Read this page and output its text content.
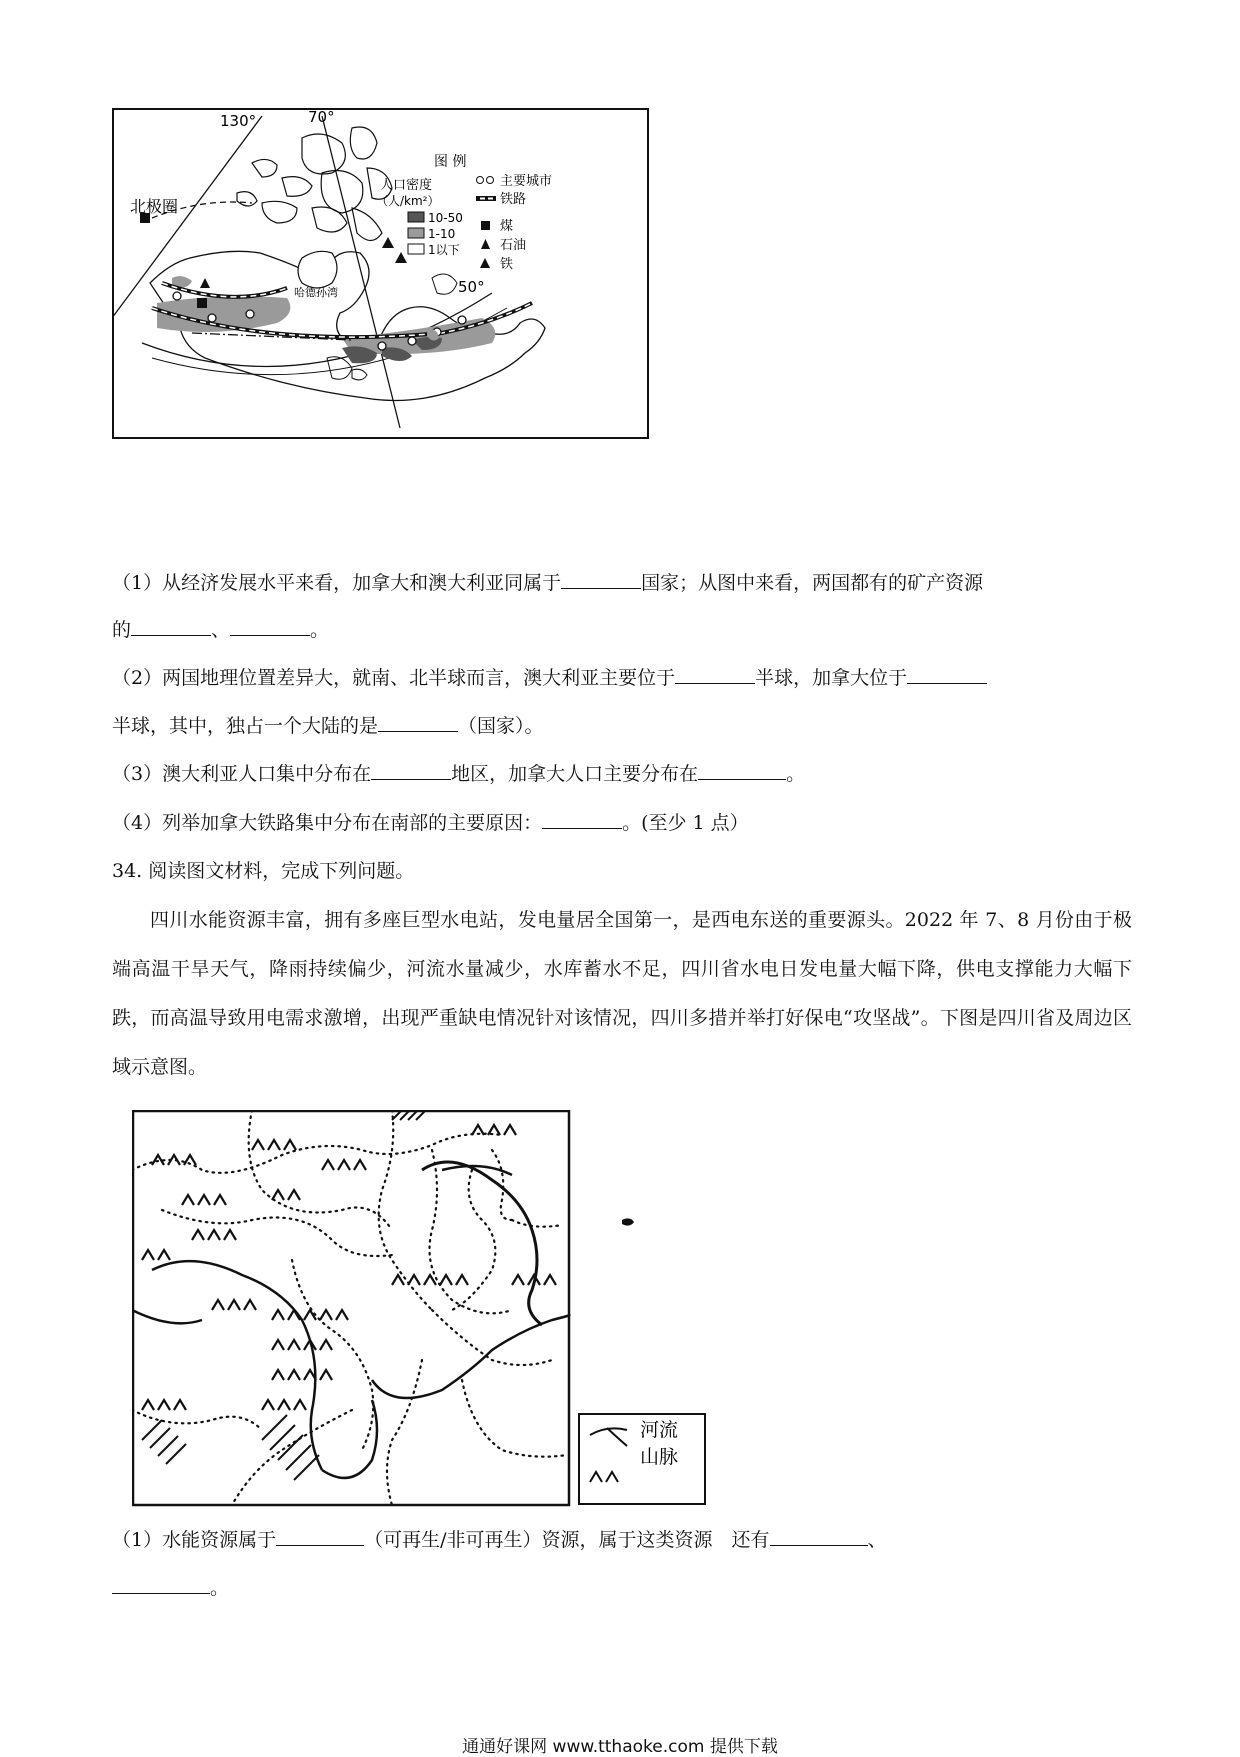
130°	70°
50°
北极圈
哈德孙湾
图 例
人口密度
（人/km²）
10-50
1-10
1以下
主要城市
铁路
煤
石油
铁
（1）从经济发展水平来看，加拿大和澳大利亚同属于	国家；从图中来看，两国都有的矿产资源
的	、	。
（2）两国地理位置差异大，就南、北半球而言，澳大利亚主要位于	半球，加拿大位于
半球，其中，独占一个大陆的是	（国家）。
（3）澳大利亚人口集中分布在	地区，加拿大人口主要分布在	。
（4）列举加拿大铁路集中分布在南部的主要原因：	。(至少 1 点）
34. 阅读图文材料，完成下列问题。
四川水能资源丰富，拥有多座巨型水电站，发电量居全国第一，是西电东送的重要源头。2022 年 7、8 月份由于极端高温干旱天气，降雨持续偏少，河流水量减少，水库蓄水不足，四川省水电日发电量大幅下降，供电支撑能力大幅下跌，而高温导致用电需求激增，出现严重缺电情况针对该情况，四川多措并举打好保电“攻坚战”。下图是四川省及周边区域示意图。
河流
山脉
（1）水能资源属于	（可再生/非可再生）资源，属于这类资源　还有	、
。
通通好课网 www.tthaoke.com 提供下载
